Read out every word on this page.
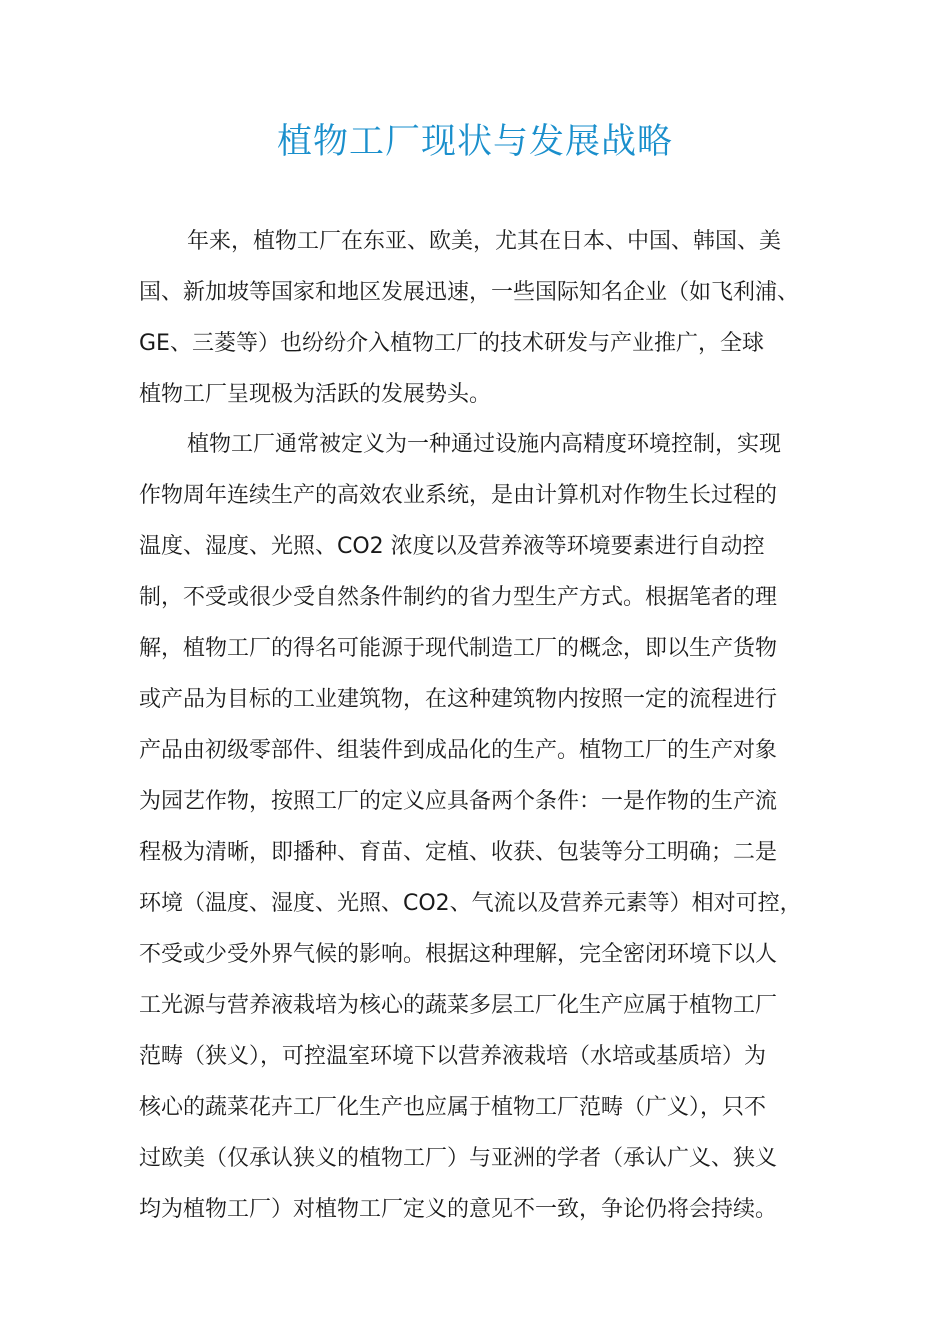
植物工厂现状与发展战略
年来，植物工厂在东亚、欧美，尤其在日本、中国、韩国、美
国、新加坡等国家和地区发展迅速，一些国际知名企业（如飞利浦、
GE、三菱等）也纷纷介入植物工厂的技术研发与产业推广，全球
植物工厂呈现极为活跃的发展势头。
植物工厂通常被定义为一种通过设施内高精度环境控制，实现
作物周年连续生产的高效农业系统，是由计算机对作物生长过程的
温度、湿度、光照、CO2 浓度以及营养液等环境要素进行自动控
制，不受或很少受自然条件制约的省力型生产方式。根据笔者的理
解，植物工厂的得名可能源于现代制造工厂的概念，即以生产货物
或产品为目标的工业建筑物，在这种建筑物内按照一定的流程进行
产品由初级零部件、组装件到成品化的生产。植物工厂的生产对象
为园艺作物，按照工厂的定义应具备两个条件：一是作物的生产流
程极为清晰，即播种、育苗、定植、收获、包装等分工明确；二是
环境（温度、湿度、光照、CO2、气流以及营养元素等）相对可控，
不受或少受外界气候的影响。根据这种理解，完全密闭环境下以人
工光源与营养液栽培为核心的蔬菜多层工厂化生产应属于植物工厂
范畴（狭义），可控温室环境下以营养液栽培（水培或基质培）为
核心的蔬菜花卉工厂化生产也应属于植物工厂范畴（广义），只不
过欧美（仅承认狭义的植物工厂）与亚洲的学者（承认广义、狭义
均为植物工厂）对植物工厂定义的意见不一致，争论仍将会持续。
